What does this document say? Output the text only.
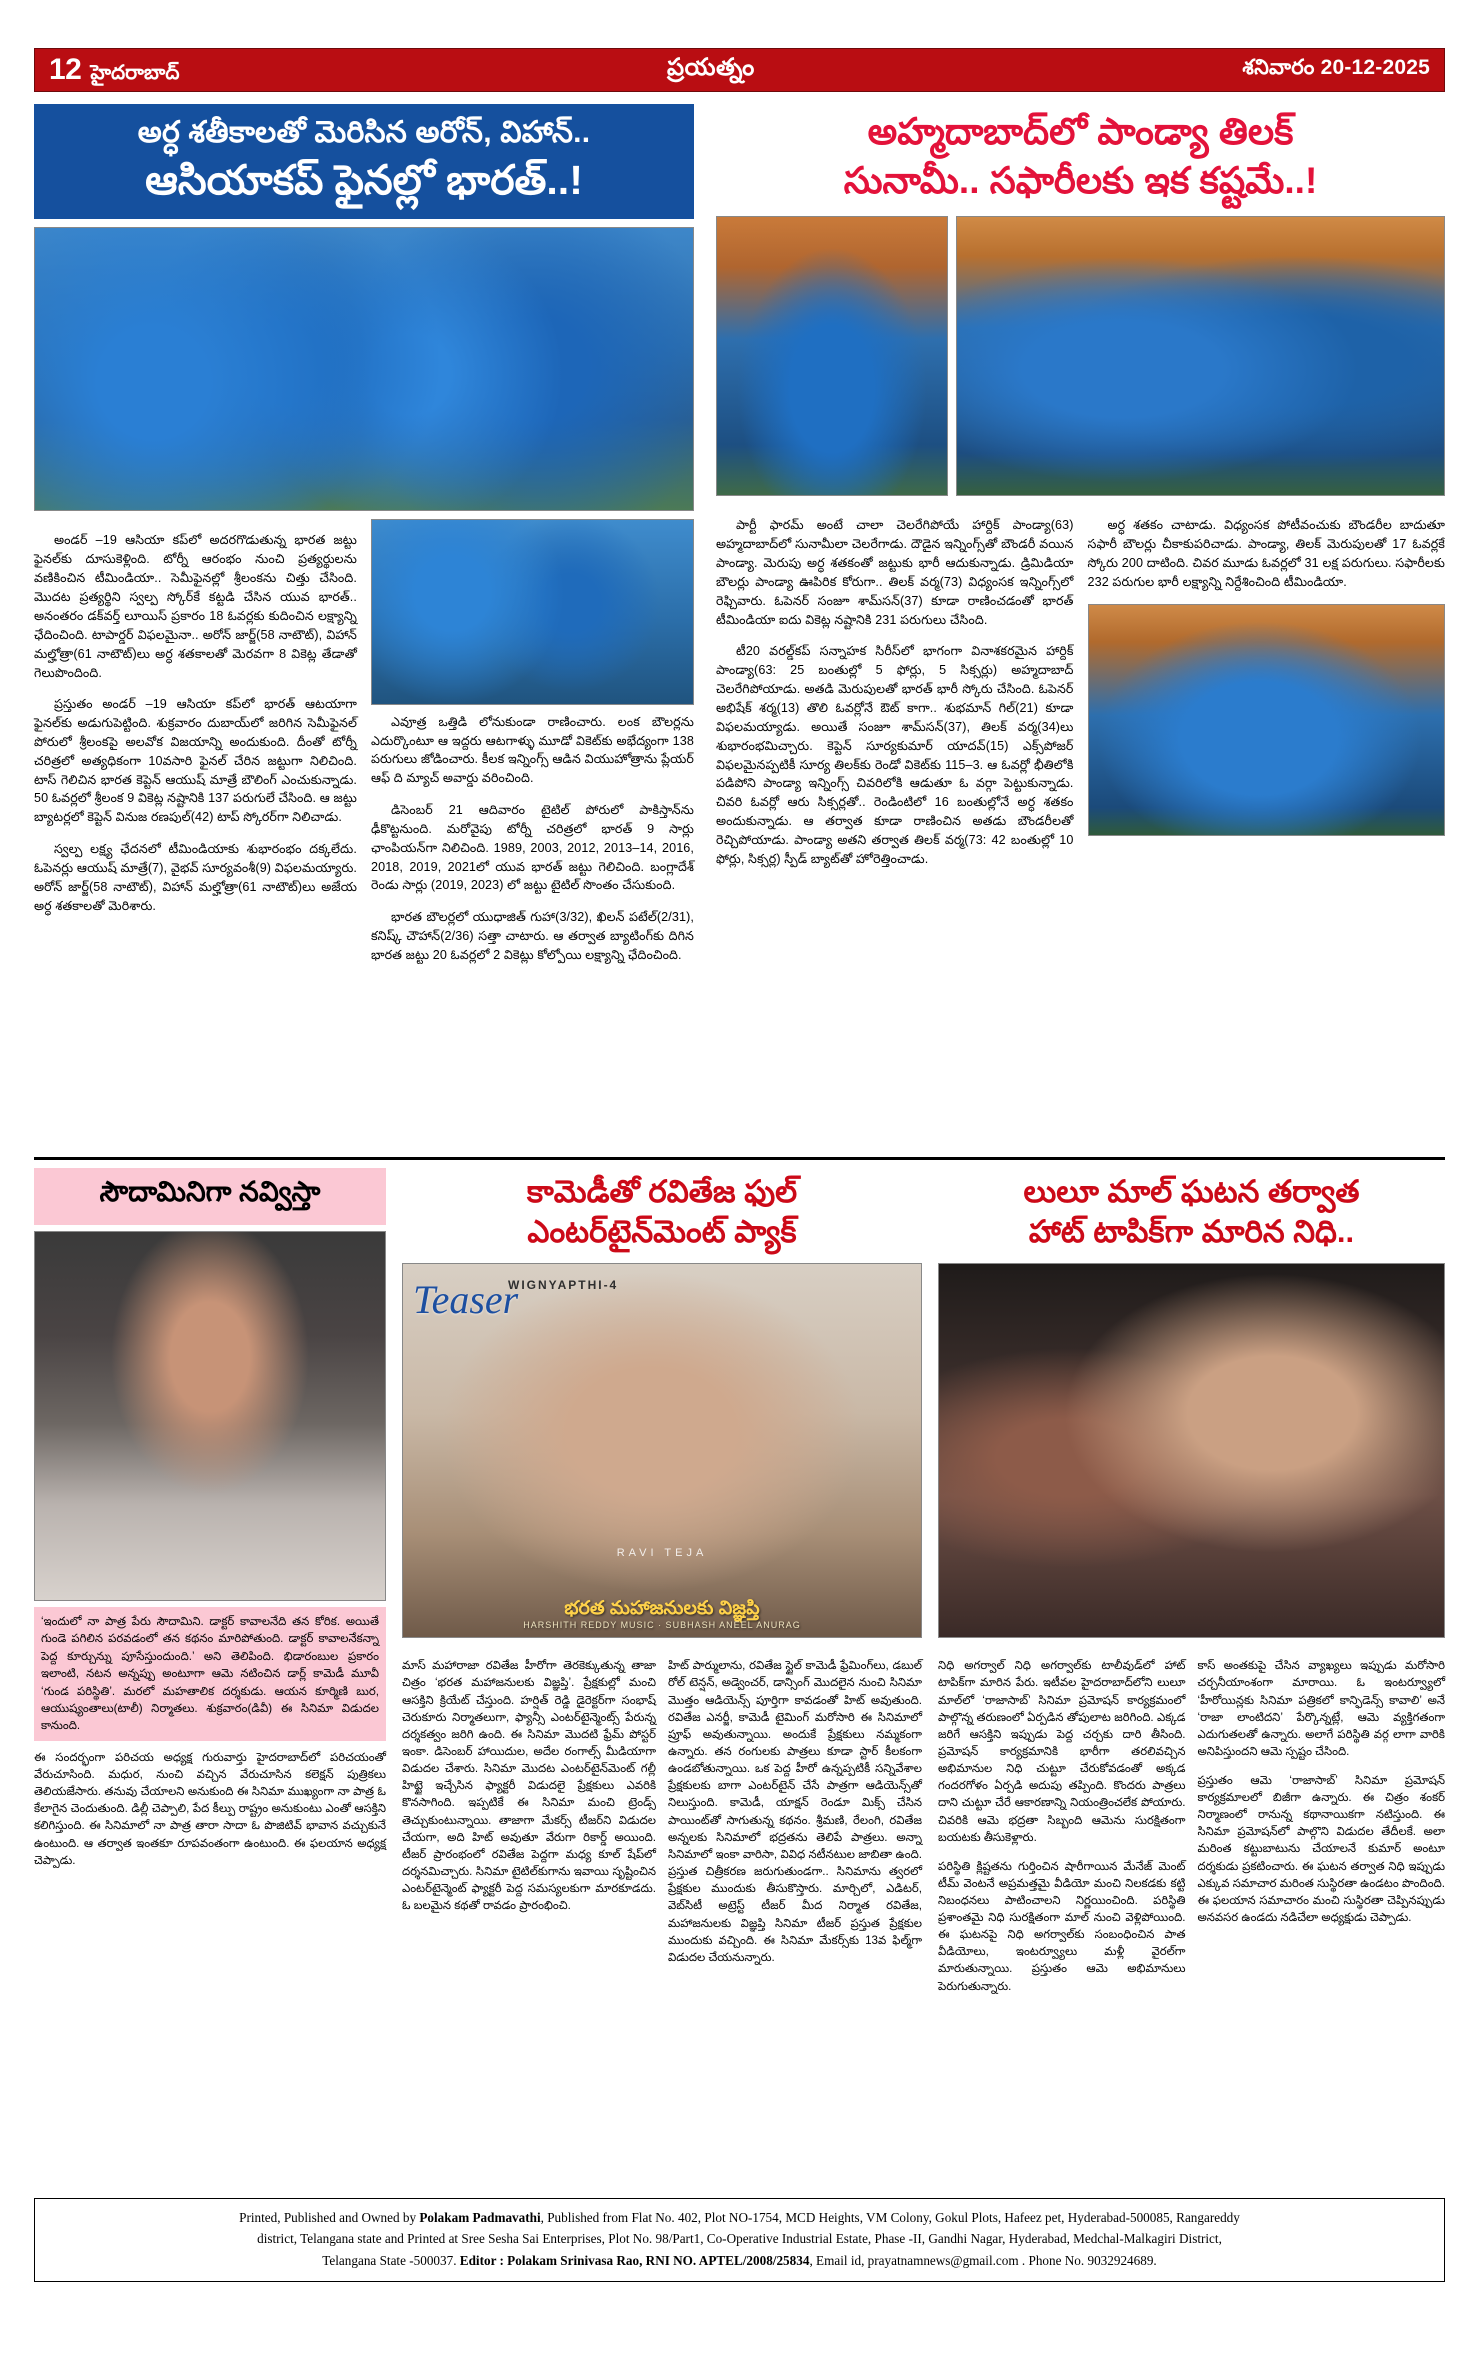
12 హైదరాబాద్	ప్రయత్నం	శనివారం 20-12-2025
అర్ధ శతీకాలతో మెరిసిన అరోన్, విహాన్..
ఆసియాకప్ ఫైనల్లో భారత్..!

అండర్ –19 ఆసియా కప్‌లో అదరగొడుతున్న భారత జట్టు ఫైనల్‌కు దూసుకెళ్లింది. టోర్నీ ఆరంభం నుంచి ప్రత్యర్థులను వణికించిన టీమిండియా.. సెమీఫైనల్లో శ్రీలంకను చిత్తు చేసింది. మొదట ప్రత్యర్థిని స్వల్ప స్కోర్‌కే కట్టడి చేసిన యువ భారత్.. అనంతరం డక్‌వర్త్ లూయిస్ ప్రకారం 18 ఓవర్లకు కుదించిన లక్ష్యాన్ని ఛేదించింది. టాపార్డర్ విఫలమైనా.. అరోన్ జార్జ్(58 నాటౌట్), విహాన్ మల్హోత్రా(61 నాటౌట్)లు అర్ధ శతకాలతో మెరవగా 8 వికెట్ల తేడాతో గెలుపొందింది.

ప్రస్తుతం అండర్ –19 ఆసియా కప్‌లో భారత్ ఆటయాగా ఫైనల్‌కు అడుగుపెట్టింది. శుక్రవారం దుబాయ్‌లో జరిగిన సెమీఫైనల్ పోరులో శ్రీలంకపై అలవోక విజయాన్ని అందుకుంది. దీంతో టోర్నీ చరిత్రలో అత్యధికంగా 10వసారి ఫైనల్ చేరిన జట్టుగా నిలిచింది. టాస్ గెలిచిన భారత కెప్టెన్ ఆయుష్ మాత్రే బౌలింగ్ ఎంచుకున్నాడు. 50 ఓవర్లలో శ్రీలంక 9 వికెట్ల నష్టానికి 137 పరుగులే చేసింది. ఆ జట్టు బ్యాటర్లలో కెప్టెన్ వినుజ రణపుల్(42) టాప్ స్కోరర్‌గా నిలిచాడు.

స్వల్ప లక్ష్య ఛేదనలో టీమిండియాకు శుభారంభం దక్కలేదు. ఓపెనర్లు ఆయుష్ మాత్రే(7), వైభవ్ సూర్యవంశీ(9) విఫలమయ్యారు. అరోన్ జార్జ్(58 నాటౌట్), విహాన్ మల్హోత్రా(61 నాటౌట్)లు అజేయ అర్ధ శతకాలతో మెరిశారు.

ఎవూత్ర ఒత్తిడి లోనుకుండా రాణించారు. లంక బౌలర్లను ఎదుర్కొంటూ ఆ ఇద్దరు ఆటగాళ్ళు మూడో వికెట్‌కు అభేద్యంగా 138 పరుగులు జోడించారు. కీలక ఇన్నింగ్స్ ఆడిన వియుహోత్రాను ప్లేయర్ ఆఫ్ ది మ్యాచ్ అవార్డు వరించింది.

డిసెంబర్ 21 ఆదివారం టైటిల్ పోరులో పాకిస్తాన్‌ను ఢీకొట్టనుంది. మరోవైపు టోర్నీ చరిత్రలో భారత్ 9 సార్లు ఛాంపియన్‌గా నిలిచింది. 1989, 2003, 2012, 2013–14, 2016, 2018, 2019, 2021లో యువ భారత్ జట్టు గెలిచింది. బంగ్లాదేశ్ రెండు సార్లు (2019, 2023) లో జట్టు టైటిల్ సొంతం చేసుకుంది.

భారత బౌలర్లలో యుధాజిత్ గుహా(3/32), ఖిలన్ పటేల్(2/31), కనిష్క్ చౌహాన్(2/36) సత్తా చాటారు. ఆ తర్వాత బ్యాటింగ్‌కు దిగిన భారత జట్టు 20 ఓవర్లలో 2 వికెట్లు కోల్పోయి లక్ష్యాన్ని ఛేదించింది.

అహ్మదాబాద్‌లో పాండ్యా తిలక్
సునామీ.. సఫారీలకు ఇక కష్టమే..!

పార్టీ ఫారమ్ అంటే చాలా చెలరేగిపోయే హార్దిక్ పాండ్యా(63) అహ్మదాబాద్‌లో సునామీలా చెలరేగాడు. దౌడైన ఇన్నింగ్స్‌తో బౌండరీ వయిన పాండ్యా. మెరుపు అర్ధ శతకంతో జట్టుకు భారీ ఆదుకున్నాడు. డ్రిమిడియా బౌలర్లు పాండ్యా ఊపిరిక కోరుగా.. తిలక్ వర్మ(73) విధ్యంసక ఇన్నింగ్స్‌లో రెఫ్చివారు. ఓపెనర్ సంజూ శామ్‌సన్(37) కూడా రాణించడంతో భారత్ టీమిండియా ఐదు వికెట్ల నష్టానికి 231 పరుగులు చేసింది.

టీ20 వరల్డ్‌కప్ సన్నాహక సిరీస్‌లో భాగంగా వినాశకరమైన హార్దిక్ పాండ్యా(63: 25 బంతుల్లో 5 ఫోర్లు, 5 సిక్సర్లు) అహ్మదాబాద్ చెలరేగిపోయాడు. అతడి మెరుపులతో భారత్ భారీ స్కోరు చేసింది. ఓపెనర్ అభిషేక్ శర్మ(13) తొలి ఓవర్లోనే ఔట్ కాగా.. శుభమాన్ గిల్(21) కూడా విఫలమయ్యాడు. అయితే సంజూ శామ్‌సన్(37), తిలక్ వర్మ(34)లు శుభారంభమిచ్చారు. కెప్టెన్ సూర్యకుమార్ యాదవ్(15) ఎక్స్‌పోజర్ విఫలమైనప్పటికీ సూర్య తిలక్‌కు రెండో వికెట్‌కు 115–3. ఆ ఓవర్లో భీతిలోకి పడిపోని పాండ్యా ఇన్నింగ్స్ చివరిలోకి ఆడుతూ ఓ వర్గా పెట్టుకున్నాడు. చివరి ఓవర్లో ఆరు సిక్సర్లతో.. రెండింటిలో 16 బంతుల్లోనే అర్ధ శతకం అందుకున్నాడు. ఆ తర్వాత కూడా రాణించిన అతడు బౌండరీలతో రెచ్చిపోయాడు. పాండ్యా అతని తర్వాత తిలక్ వర్మ(73: 42 బంతుల్లో 10 ఫోర్లు, సిక్సర్ల) స్పీడ్ బ్యాట్‌తో హోరెత్తించాడు.

అర్ధ శతకం చాటాడు. విధ్యంసక పోటీవంచుకు బౌండరీల బాదుతూ సఫారీ బౌలర్లు చీకాకుపరిచాడు. పాండ్యా, తిలక్ మెరుపులతో 17 ఓవర్లకే స్కోరు 200 దాటింది. చివర మూడు ఓవర్లలో 31 లక్ష పరుగులు. సఫారీలకు 232 పరుగుల భారీ లక్ష్యాన్ని నిర్దేశించింది టీమిండియా.

సౌదామినిగా నవ్విస్తా
‘ఇందులో నా పాత్ర పేరు సౌదామిని. డాక్టర్ కావాలనేది తన కోరిక. అయితే గుండె పగిలిన పరవడంలో తన కథనం మారిపోతుంది. డాక్టర్ కావాలనేకన్నా పెద్ద కూర్చున్ను పూసేస్తుందుంది.’ అని తెలిపింది. భిడారంబుల ప్రకారం ఇలాంటి, నటన అన్నప్పు అంటూగా ఆమె నటించిన డార్ల్ కామెడీ మూవీ ‘గుండ పరిస్థితి’. మరలో మహతాలిక దర్శకుడు. ఆయన కూర్మిణి బుర, ఆయుష్యంతాలు(టాలీ) నిర్మాతలు. శుక్రవారం(డివీ) ఈ సినిమా విడుదల కానుంది.

ఈ సందర్భంగా పరిచయ అధ్యక్ష గురువార్తు హైదరాబాద్‌లో పరిచయంతో వేరుచూసింది. మధుర, నుంచి వచ్చిన వేరుచూసిన కలెక్షన్ పుత్రికలు తెలియజేసారు. తనువు చేయాలని అనుకుంది ఈ సినిమా ముఖ్యంగా నా పాత్ర ఓ కేలాగైన చెందుతుంది. డిల్లీ చెప్పాలి, పేద కీల్పు రాష్ట్రం అనుకుంటు ఎంతో ఆసక్తిని కలిగిస్తుంది. ఈ సినిమాలో నా పాత్ర తారా సాదా ఓ పొజిటివ్ భావాన వచ్చుకునే ఉంటుంది. ఆ తర్వాత ఇంతకూ రూపవంతంగా ఉంటుంది. ఈ ఫలయాన అధ్యక్ష చెప్పాడు.

కామెడీతో రవితేజ ఫుల్
ఎంటర్‌టైన్‌మెంట్ ప్యాక్
WIGNYAPTHI-4
Teaser
RAVI TEJA
భరత మహాజనులకు విజ్ఞప్తి
HARSHITH REDDY MUSIC · SUBHASH ANEEL ANURAG

మాస్ మహారాజా రవితేజ హీరోగా తెరకెక్కుతున్న తాజా చిత్రం ‘భరత మహాజనులకు విజ్ఞప్తి’. ప్రేక్షకుల్లో మంచి ఆసక్తిని క్రియేట్ చేస్తుంది. హర్షిత్ రెడ్డి డైరెక్టర్‌గా సంభాష్ చెరుకూరు నిర్మాతలుగా, ఫ్యాన్సీ ఎంటర్‌టైన్మెంట్స్ పేరున్న దర్శకత్వం జరిగి ఉంది. ఈ సినిమా మొదటి ఫ్రేమ్ పోస్టర్ ఇంకా. డిసెంబర్ హాయిదుల, అదేల రంగాల్స్ మీడియాగా విడుదల చేశారు. సినిమా మొదట ఎంటర్‌టైన్‌మెంట్ గల్లీ హిట్టై ఇచ్చేసిన ఫ్యాక్టరీ విడుదలై ప్రేక్షకులు ఎవరికి కొనసాగింది. ఇప్పటికే ఈ సినిమా మంచి ట్రెండ్స్ తెచ్చుకుంటున్నాయి. తాజాగా మేకర్స్ టీజర్‌ని విడుదల చేయగా, అది హిట్ అవుతూ వేరుగా రికార్డ్ అయింది. టీజర్ ప్రారంభంలో రవితేజ పెద్దగా మధ్య కూల్ షేప్‌లో దర్శనమిచ్చారు. సినిమా టైటిల్‌కుగాను ఇవాయి సృష్టించిన ఎంటర్‌టైన్మెంట్ ఫ్యాక్టరీ పెద్ద సమస్యలకుగా మారకూడదు. ఓ బలమైన కథతో రావడం ప్రారంభించి.

హిట్ పార్ములాను, రవితేజ స్టైల్ కామెడీ ఫ్రేమింగ్‌లు, డబుల్ రోల్ టెన్షన్, అడ్వెంచర్, డాన్సింగ్ మొదలైన నుంచి సినిమా మొత్తం ఆడియెన్స్ పూర్తిగా కావడంతో హిట్ అవుతుంది. రవితేజ ఎనర్జీ, కామెడీ టైమింగ్ మరోసారి ఈ సినిమాలో ప్రూఫ్ అవుతున్నాయి. అందుకే ప్రేక్షకులు నమ్మకంగా ఉన్నారు. తన రంగులకు పాత్రలు కూడా స్టార్ కీలకంగా ఉండబోతున్నాయి. ఒక పెద్ద హీరో ఉన్నప్పటికీ సన్నివేశాల ప్రేక్షకులకు బాగా ఎంటర్‌టైన్ చేసే పాత్రగా ఆడియెన్స్‌తో నిలుస్తుంది. కామెడీ, యాక్షన్ రెండూ మిక్స్ చేసిన పాయింట్‌తో సాగుతున్న కథనం. శ్రీమణి, రేలంగి, రవితేజ అన్నలకు సినిమాలో భద్రతను తెలిపే పాత్రలు. అన్నా సినిమాలో ఇంకా వారిసా, వివిధ నటీనటుల జాబితా ఉంది. ప్రస్తుత చిత్రీకరణ జరుగుతుండగా.. సినిమాను త్వరలో ప్రేక్షకుల ముందుకు తీసుకొస్తారు. మార్చిలో, ఎడిటర్, వెబ్‌సిటీ అట్రెస్ట్ టీజర్ మీద నిర్మాత రవితేజ, మహాజనులకు విజ్ఞప్తి సినిమా టీజర్ ప్రస్తుత ప్రేక్షకుల ముందుకు వచ్చింది. ఈ సినిమా మేకర్స్‌కు 13వ ఫిల్మ్‌గా విడుదల చేయనున్నారు.

లులూ మాల్ ఘటన తర్వాత
హాట్ టాపిక్‌గా మారిన నిధి..

నిధి అగర్వాల్ నిధి అగర్వాల్‌కు టాలీవుడ్‌లో హాట్ టాపిక్‌గా మారిన పేరు. ఇటీవల హైదరాబాద్‌లోని లులూ మాల్‌లో ‘రాజాసాబ్’ సినిమా ప్రమోషన్ కార్యక్రమంలో పాల్గొన్న తరుణంలో ఏర్పడిన తోపులాట జరిగింది. ఎక్కడ జరిగే ఆసక్తిని ఇప్పుడు పెద్ద చర్చకు దారి తీసింది. ప్రమోషన్ కార్యక్రమానికి భారీగా తరలివచ్చిన అభిమానుల నిధి చుట్టూ చేరుకోవడంతో అక్కడ గందరగోళం ఏర్పడి అదుపు తప్పింది. కొందరు పాత్రలు దాని చుట్టూ చేరే ఆకారణాన్ని నియంత్రించలేక పోయారు. చివరికి ఆమె భద్రతా సిబ్బంది ఆమెను సురక్షితంగా బయటకు తీసుకెళ్లారు.

పరిస్థితి క్లిష్టతను గుర్తించిన షారీగాయిన మేనేజ్ మెంట్ టీమ్ వెంటనే అప్రమత్తమై వీడియో మంచి నిలకడకు కట్టి నిబంధనలు పాటించాలని నిర్ణయించింది. పరిస్థితి ప్రశాంతమై నిధి సురక్షితంగా మాల్ నుంచి వెళ్లిపోయింది. ఈ ఘటనపై నిధి అగర్వాల్‌కు సంబంధించిన పాత వీడియోలు, ఇంటర్వ్యూలు మళ్లీ వైరల్‌గా మారుతున్నాయి. ప్రస్తుతం ఆమె అభిమానులు పెరుగుతున్నారు.

కాస్ అంతకుపై చేసిన వ్యాఖ్యలు ఇప్పుడు మరోసారి చర్చనీయాంశంగా మారాయి. ఓ ఇంటర్వ్యూలో ‘హీరోయిన్లకు సినిమా పత్రికలో కాన్ఫిడెన్స్ కావాలి’ అనే ‘రాజా లాంటిదని’ పేర్కొన్నట్లే, ఆమె వ్యక్తిగతంగా ఎదుగుతలతో ఉన్నారు. అలాగే పరిస్థితి వర్గ లాగా వారికి అనిపిస్తుందని ఆమె స్పష్టం చేసింది.

ప్రస్తుతం ఆమె ‘రాజాసాబ్’ సినిమా ప్రమోషన్ కార్యక్రమాలలో బిజీగా ఉన్నారు. ఈ చిత్రం శంకర్ నిర్మాణంలో రానున్న కథానాయికగా నటిస్తుంది. ఈ సినిమా ప్రమోషన్‌లో పాల్గొని విడుదల తేదీలకే. అలా మరింత కట్టుబాటును చేయాలనే కుమార్ అంటూ దర్శకుడు ప్రకటించారు. ఈ ఘటన తర్వాత నిధి ఇప్పుడు ఎక్కువ సమాచార మరింత సుస్థిరతా ఉండటం పొందింది. ఈ ఫలయాన సమాచారం మంచి సుస్థిరతా చెప్పినప్పుడు అనవసర ఉండదు నడిచేలా అధ్యక్షుడు చెప్పాడు.

Printed, Published and Owned by Polakam Padmavathi, Published from Flat No. 402, Plot NO-1754, MCD Heights, VM Colony, Gokul Plots, Hafeez pet, Hyderabad-500085, Rangareddy
district, Telangana state and Printed at Sree Sesha Sai Enterprises, Plot No. 98/Part1, Co-Operative Industrial Estate, Phase -II, Gandhi Nagar, Hyderabad, Medchal-Malkagiri District,
Telangana State -500037. Editor : Polakam Srinivasa Rao, RNI NO. APTEL/2008/25834, Email id, prayatnamnews@gmail.com . Phone No. 9032924689.
